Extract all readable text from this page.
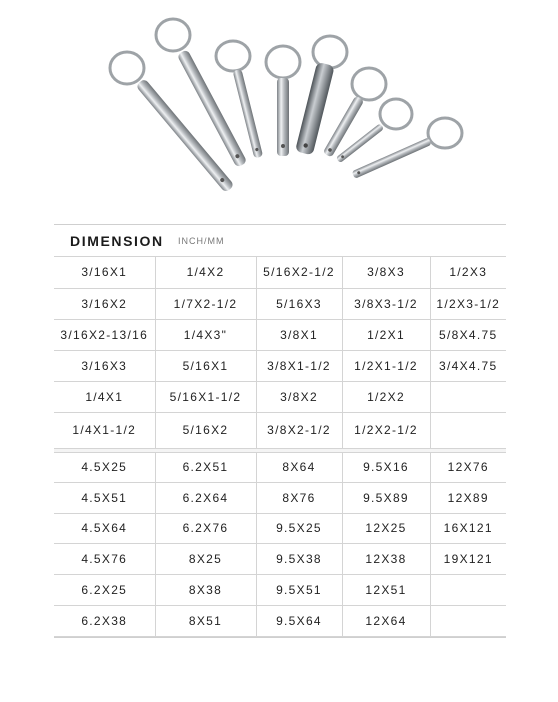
DIMENSION INCH/MM
3/16X1	1/4X2	5/16X2-1/2	3/8X3	1/2X3
3/16X2	1/7X2-1/2	5/16X3	3/8X3-1/2	1/2X3-1/2
3/16X2-13/16	1/4X3"	3/8X1	1/2X1	5/8X4.75
3/16X3	5/16X1	3/8X1-1/2	1/2X1-1/2	3/4X4.75
1/4X1	5/16X1-1/2	3/8X2	1/2X2	
1/4X1-1/2	5/16X2	3/8X2-1/2	1/2X2-1/2	
4.5X25	6.2X51	8X64	9.5X16	12X76
4.5X51	6.2X64	8X76	9.5X89	12X89
4.5X64	6.2X76	9.5X25	12X25	16X121
4.5X76	8X25	9.5X38	12X38	19X121
6.2X25	8X38	9.5X51	12X51	
6.2X38	8X51	9.5X64	12X64	
